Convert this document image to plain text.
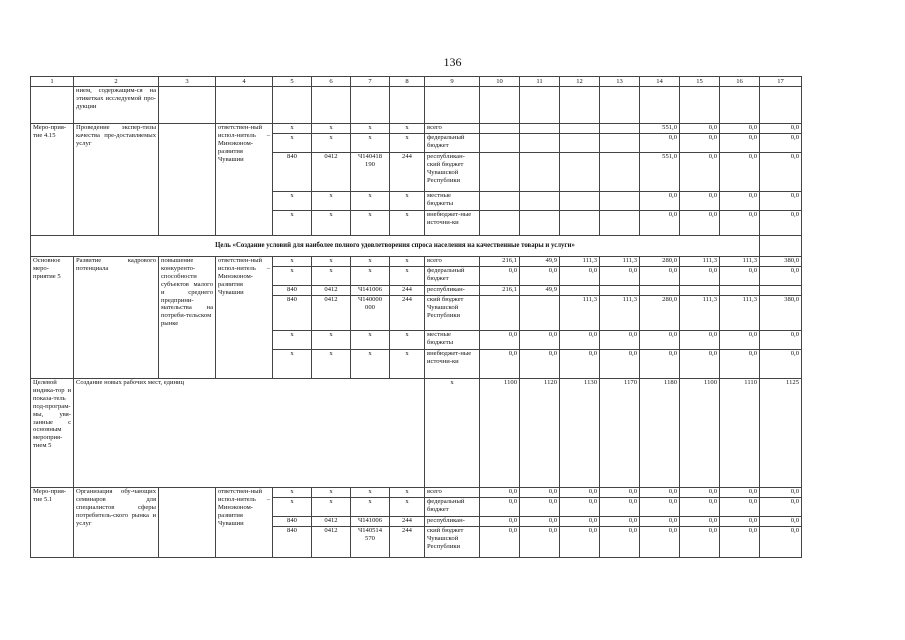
136
1	2	3	4	5	6	7	8	9	10	11	12	13	14	15	16	17
	нием, содержащим-ся на этикетках исследуемой про-дукции															
Меро-прия-тие 4.15	Проведение экспер-тизы качества пре-доставляемых услуг		ответствен-ный испол-нитель – Минэконом-развития Чувашии	x	x	x	x	всего					551,0	0,0	0,0	0,0
				x	x	x	x	федеральный бюджет					0,0	0,0	0,0	0,0
				840	0412	Ч140418 190	244	республикан-ский бюджет Чувашской Республики					551,0	0,0	0,0	0,0
				x	x	x	x	местные бюджеты					0,0	0,0	0,0	0,0
				x	x	x	x	внебюджет-ные источни-ки					0,0	0,0	0,0	0,0
Цель «Создание условий для наиболее полного удовлетворения спроса населения на качественные товары и услуги»																
Основное меро-приятие 5	Развитие кадрового потенциала	повышение конкуренто-способности субъектов малого и среднего предприни-мательства на потреби-тельском рынке	ответствен-ный испол-нитель – Минэконом-развития Чувашии	x	x	x	x	всего	216,1	49,9	111,3	111,3	280,0	111,3	111,3	380,0
				x	x	x	x	федеральный бюджет	0,0	0,0	0,0	0,0	0,0	0,0	0,0	0,0
				840	0412	Ч141006	244	республикан-	216,1	49,9						
				840	0412	Ч140000 000	244	ский бюджет Чувашской Республики			111,3	111,3	280,0	111,3	111,3	380,0
				x	x	x	x	местные бюджеты	0,0	0,0	0,0	0,0	0,0	0,0	0,0	0,0
				x	x	x	x	внебюджет-ные источни-ки	0,0	0,0	0,0	0,0	0,0	0,0	0,0	0,0
Целевой индика-тор и показа-тель под-програм-мы, увя-занные с основным мероприя-тием 5	Создание новых рабочих мест, единиц							x	1100	1120	1130	1170	1180	1100	1110	1125
Меро-прия-тие 5.1	Организация обу-чающих семинаров для специалистов сферы потребитель-ского рынка и услуг		ответствен-ный испол-нитель – Минэконом-развития Чувашии	x	x	x	x	всего	0,0	0,0	0,0	0,0	0,0	0,0	0,0	0,0
				x	x	x	x	федеральный бюджет	0,0	0,0	0,0	0,0	0,0	0,0	0,0	0,0
				840	0412	Ч141006	244	республикан-	0,0	0,0	0,0	0,0	0,0	0,0	0,0	0,0
				840	0412	Ч140514 570	244	ский бюджет Чувашской Республики	0,0	0,0	0,0	0,0	0,0	0,0	0,0	0,0
